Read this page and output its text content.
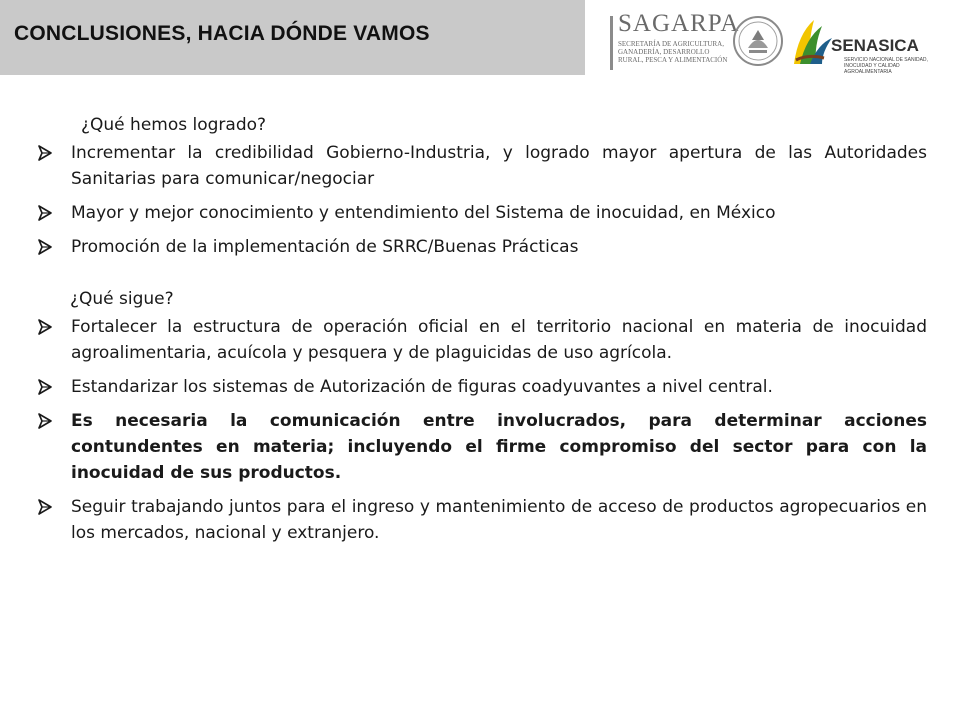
CONCLUSIONES, HACIA DÓNDE VAMOS	SAGARPA
SECRETARÍA DE AGRICULTURA, GANADERÍA, DESARROLLO RURAL, PESCA Y ALIMENTACIÓN
SENASICA
SERVICIO NACIONAL DE SANIDAD, INOCUIDAD Y CALIDAD AGROALIMENTARIA
¿Qué hemos logrado?
Incrementar la credibilidad Gobierno-Industria, y logrado mayor apertura de las Autoridades Sanitarias para comunicar/negociar
Mayor y mejor conocimiento y entendimiento del Sistema de inocuidad, en México
Promoción de la implementación de SRRC/Buenas Prácticas
¿Qué sigue?
Fortalecer la estructura de operación oficial en el territorio nacional en materia de inocuidad agroalimentaria, acuícola y pesquera y de plaguicidas de uso agrícola.
Estandarizar los sistemas de Autorización de figuras coadyuvantes a nivel central.
Es necesaria la comunicación entre involucrados, para determinar acciones contundentes en materia; incluyendo el firme compromiso del sector para con la inocuidad de sus productos.
Seguir trabajando juntos para el ingreso y mantenimiento de acceso de productos agropecuarios en los mercados, nacional y extranjero.
